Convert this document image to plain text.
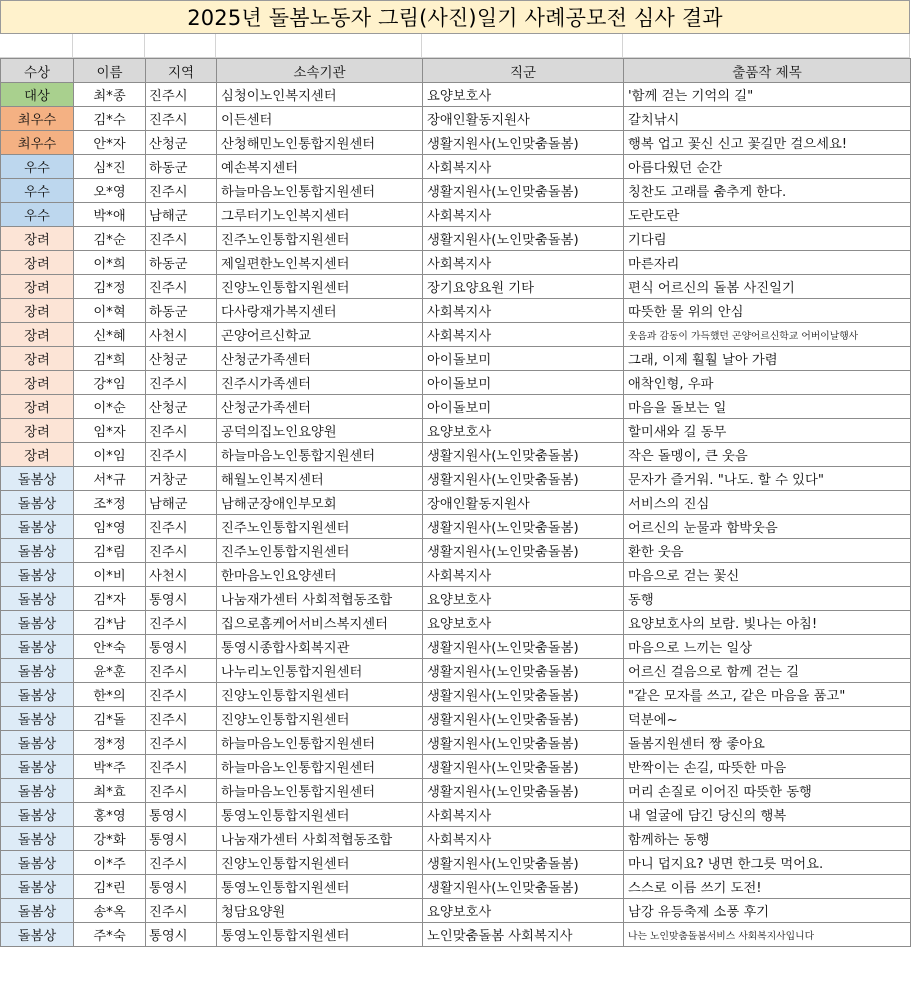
2025년 돌봄노동자 그림(사진)일기 사례공모전 심사 결과
수상	이름	지역	소속기관	직군	출품작 제목
대상	최*종	진주시	심청이노인복지센터	요양보호사	'함께 걷는 기억의 길"
최우수	김*수	진주시	이든센터	장애인활동지원사	갈치낚시
최우수	안*자	산청군	산청해민노인통합지원센터	생활지원사(노인맞춤돌봄)	행복 업고 꽃신 신고 꽃길만 걸으세요!
우수	심*진	하동군	예손복지센터	사회복지사	아름다웠던 순간
우수	오*영	진주시	하늘마음노인통합지원센터	생활지원사(노인맞춤돌봄)	칭찬도 고래를 춤추게 한다.
우수	박*애	남해군	그루터기노인복지센터	사회복지사	도란도란
장려	김*순	진주시	진주노인통합지원센터	생활지원사(노인맞춤돌봄)	기다림
장려	이*희	하동군	제일편한노인복지센터	사회복지사	마른자리
장려	김*정	진주시	진양노인통합지원센터	장기요양요원 기타	편식 어르신의 돌봄 사진일기
장려	이*혁	하동군	다사랑재가복지센터	사회복지사	따뜻한 물 위의 안심
장려	신*혜	사천시	곤양어르신학교	사회복지사	웃음과 감동이 가득했던 곤양어르신학교 어버이날행사
장려	김*희	산청군	산청군가족센터	아이돌보미	그래, 이제 훨훨 날아 가렴
장려	강*임	진주시	진주시가족센터	아이돌보미	애착인형, 우파
장려	이*순	산청군	산청군가족센터	아이돌보미	마음을 돌보는 일
장려	임*자	진주시	공덕의집노인요양원	요양보호사	할미새와 길 동무
장려	이*임	진주시	하늘마음노인통합지원센터	생활지원사(노인맞춤돌봄)	작은 돌멩이, 큰 웃음
돌봄상	서*규	거창군	해월노인복지센터	생활지원사(노인맞춤돌봄)	문자가 즐거워. "나도. 할 수 있다"
돌봄상	조*정	남해군	남해군장애인부모회	장애인활동지원사	서비스의 진심
돌봄상	임*영	진주시	진주노인통합지원센터	생활지원사(노인맞춤돌봄)	어르신의 눈물과 함박웃음
돌봄상	김*림	진주시	진주노인통합지원센터	생활지원사(노인맞춤돌봄)	환한 웃음
돌봄상	이*비	사천시	한마음노인요양센터	사회복지사	마음으로 걷는 꽃신
돌봄상	김*자	통영시	나눔재가센터 사회적협동조합	요양보호사	동행
돌봄상	김*남	진주시	집으로홈케어서비스복지센터	요양보호사	요양보호사의 보람. 빛나는 아침!
돌봄상	안*숙	통영시	통영시종합사회복지관	생활지원사(노인맞춤돌봄)	마음으로 느끼는 일상
돌봄상	윤*훈	진주시	나누리노인통합지원센터	생활지원사(노인맞춤돌봄)	어르신 걸음으로 함께 걷는 길
돌봄상	한*의	진주시	진양노인통합지원센터	생활지원사(노인맞춤돌봄)	"같은 모자를 쓰고, 같은 마음을 품고"
돌봄상	김*돌	진주시	진양노인통합지원센터	생활지원사(노인맞춤돌봄)	덕분에~
돌봄상	정*정	진주시	하늘마음노인통합지원센터	생활지원사(노인맞춤돌봄)	돌봄지원센터 짱 좋아요
돌봄상	박*주	진주시	하늘마음노인통합지원센터	생활지원사(노인맞춤돌봄)	반짝이는 손길, 따뜻한 마음
돌봄상	최*효	진주시	하늘마음노인통합지원센터	생활지원사(노인맞춤돌봄)	머리 손질로 이어진 따뜻한 동행
돌봄상	홍*영	통영시	통영노인통합지원센터	사회복지사	내 얼굴에 담긴 당신의 행복
돌봄상	강*화	통영시	나눔재가센터 사회적협동조합	사회복지사	함께하는 동행
돌봄상	이*주	진주시	진양노인통합지원센터	생활지원사(노인맞춤돌봄)	마니 덥지요? 냉면 한그릇 먹어요.
돌봄상	김*린	통영시	통영노인통합지원센터	생활지원사(노인맞춤돌봄)	스스로 이름 쓰기 도전!
돌봄상	송*옥	진주시	청담요양원	요양보호사	남강 유등축제 소풍 후기
돌봄상	주*숙	통영시	통영노인통합지원센터	노인맞춤돌봄 사회복지사	나는 노인맞춤돌봄서비스 사회복지사입니다
